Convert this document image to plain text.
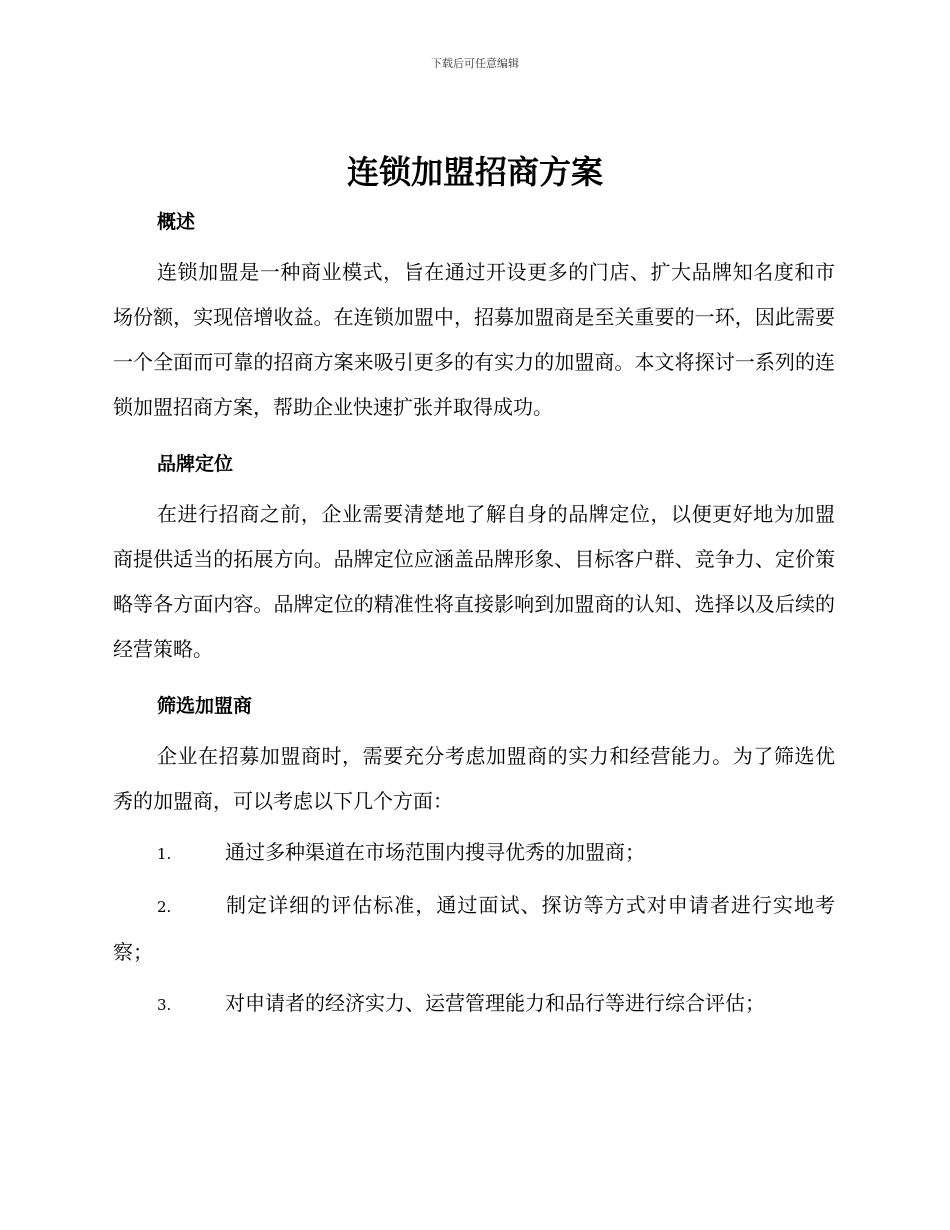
下载后可任意编辑
连锁加盟招商方案
概述

连锁加盟是一种商业模式，旨在通过开设更多的门店、扩大品牌知名度和市场份额，实现倍增收益。在连锁加盟中，招募加盟商是至关重要的一环，因此需要一个全面而可靠的招商方案来吸引更多的有实力的加盟商。本文将探讨一系列的连锁加盟招商方案，帮助企业快速扩张并取得成功。

品牌定位

在进行招商之前，企业需要清楚地了解自身的品牌定位，以便更好地为加盟商提供适当的拓展方向。品牌定位应涵盖品牌形象、目标客户群、竞争力、定价策略等各方面内容。品牌定位的精准性将直接影响到加盟商的认知、选择以及后续的经营策略。

筛选加盟商

企业在招募加盟商时，需要充分考虑加盟商的实力和经营能力。为了筛选优秀的加盟商，可以考虑以下几个方面：

1.	通过多种渠道在市场范围内搜寻优秀的加盟商；

2.	制定详细的评估标准，通过面试、探访等方式对申请者进行实地考察；

3.	对申请者的经济实力、运营管理能力和品行等进行综合评估；
